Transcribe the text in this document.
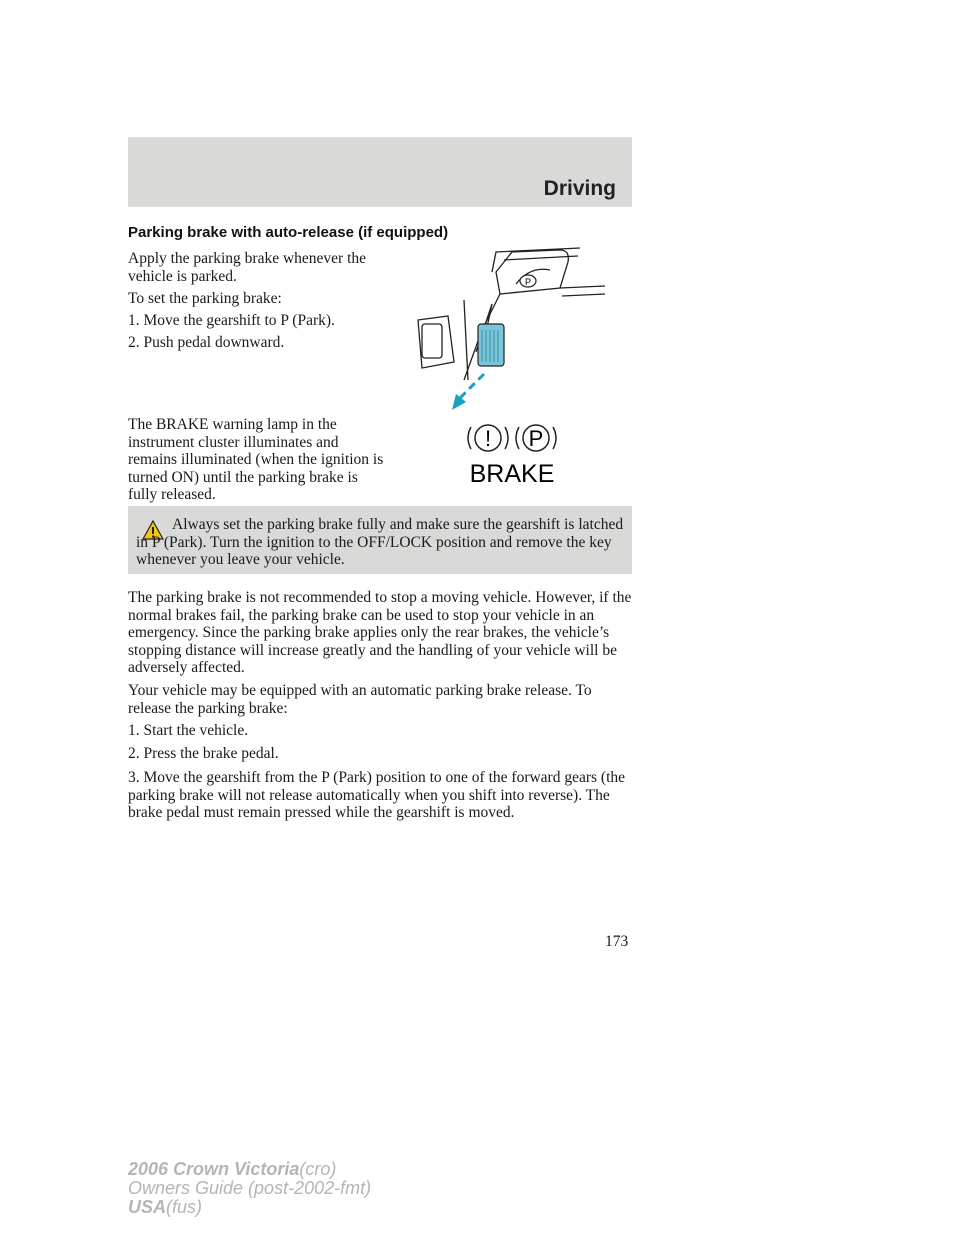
Driving
Parking brake with auto-release (if equipped)

Apply the parking brake whenever the vehicle is parked.

To set the parking brake:

1. Move the gearshift to P (Park).

2. Push pedal downward.

The BRAKE warning lamp in the instrument cluster illuminates and remains illuminated (when the ignition is turned ON) until the parking brake is fully released.

P
! P
BRAKE

Always set the parking brake fully and make sure the gearshift is latched in P (Park). Turn the ignition to the OFF/LOCK position and remove the key whenever you leave your vehicle.

The parking brake is not recommended to stop a moving vehicle. However, if the normal brakes fail, the parking brake can be used to stop your vehicle in an emergency. Since the parking brake applies only the rear brakes, the vehicle’s stopping distance will increase greatly and the handling of your vehicle will be adversely affected.

Your vehicle may be equipped with an automatic parking brake release. To release the parking brake:

1. Start the vehicle.

2. Press the brake pedal.

3. Move the gearshift from the P (Park) position to one of the forward gears (the parking brake will not release automatically when you shift into reverse). The brake pedal must remain pressed while the gearshift is moved.

173
2006 Crown Victoria(cro)
Owners Guide (post-2002-fmt)
USA(fus)
